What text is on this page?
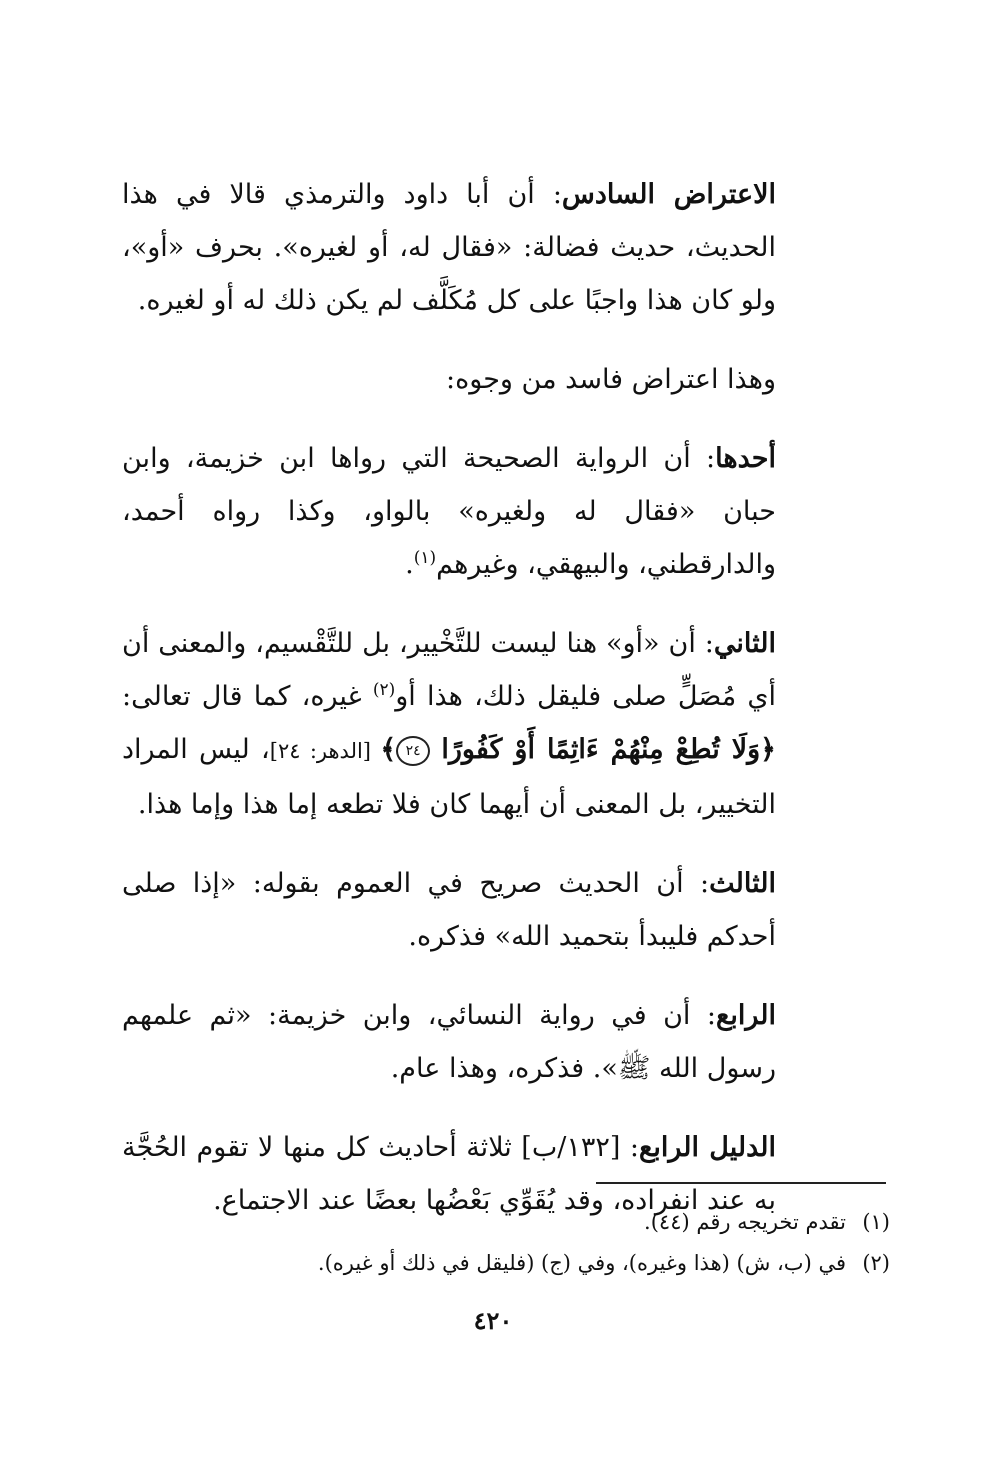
الاعتراض السادس: أن أبا داود والترمذي قالا في هذا الحديث، حديث فضالة: «فقال له، أو لغيره». بحرف «أو»، ولو كان هذا واجبًا على كل مُكَلَّف لم يكن ذلك له أو لغيره.

وهذا اعتراض فاسد من وجوه:

أحدها: أن الرواية الصحيحة التي رواها ابن خزيمة، وابن حبان «فقال له ولغيره» بالواو، وكذا رواه أحمد، والدارقطني، والبيهقي، وغيرهم$^{(١)}$.

الثاني: أن «أو» هنا ليست للتَّخْيير، بل للتَّقْسيم، والمعنى أن أي مُصَلٍّ صلى فليقل ذلك، هذا أو$^{(٢)}$ غيره، كما قال تعالى: ﴿وَلَا تُطِعْ مِنْهُمْ ءَاثِمًا أَوْ كَفُورًا ٢٤﴾ [الدهر: ٢٤]، ليس المراد التخيير، بل المعنى أن أيهما كان فلا تطعه إما هذا وإما هذا.

الثالث: أن الحديث صريح في العموم بقوله: «إذا صلى أحدكم فليبدأ بتحميد الله» فذكره.

الرابع: أن في رواية النسائي، وابن خزيمة: «ثم علمهم رسول الله ﷺ». فذكره، وهذا عام.

الدليل الرابع: [١٣٢/ب] ثلاثة أحاديث كل منها لا تقوم الحُجَّة به عند انفراده، وقد يُقَوِّي بَعْضُها بعضًا عند الاجتماع.

(١)تقدم تخريجه رقم (٤٤).
(٢)في (ب، ش) (هذا وغيره)، وفي (ج) (فليقل في ذلك أو غيره).
٤٢٠
